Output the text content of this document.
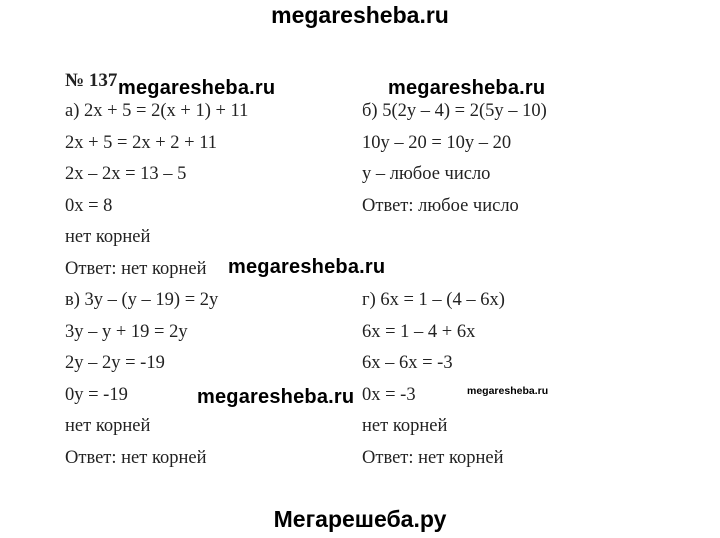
megaresheba.ru
№ 137
а) 2x + 5 = 2(x + 1) + 11
2x + 5 = 2x + 2 + 11
2x – 2x = 13 – 5
0x = 8
нет корней
Ответ: нет корней
б) 5(2y – 4) = 2(5y – 10)
10y – 20 = 10y – 20
y – любое число
Ответ: любое число
в) 3y – (y – 19) = 2y
3y – y + 19 = 2y
2y – 2y = -19
0y = -19
нет корней
Ответ: нет корней
г) 6x = 1 – (4 – 6x)
6x = 1 – 4 + 6x
6x – 6x = -3
0x = -3
нет корней
Ответ: нет корней
megaresheba.ru	megaresheba.ru
megaresheba.ru
megaresheba.ru	megaresheba.ru
Мегарешеба.ру
